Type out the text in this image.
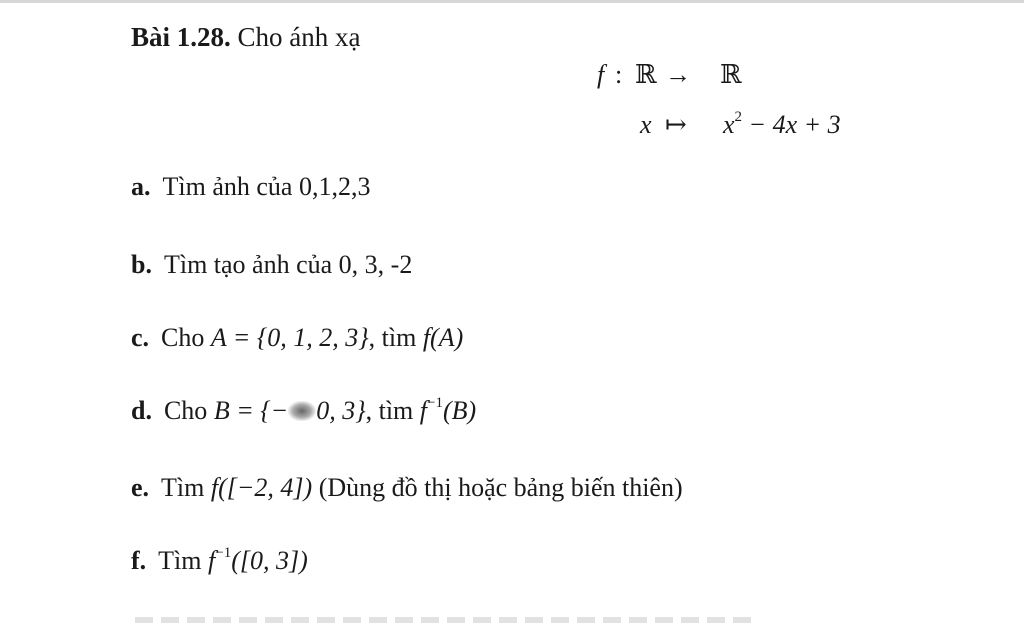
Bài 1.28. Cho ánh xạ
f : ℝ → ℝ
x ↦ $x^2 - 4x + 3$
a. Tìm ảnh của 0,1,2,3
b. Tìm tạo ảnh của 0, 3, -2
c. Cho A = {0, 1, 2, 3}, tìm f(A)
d. Cho B = {− 0, 3}, tìm $f^{-1}(B)$
e. Tìm f([−2, 4]) (Dùng đồ thị hoặc bảng biến thiên)
f. Tìm $f^{-1}([0$, 3])
